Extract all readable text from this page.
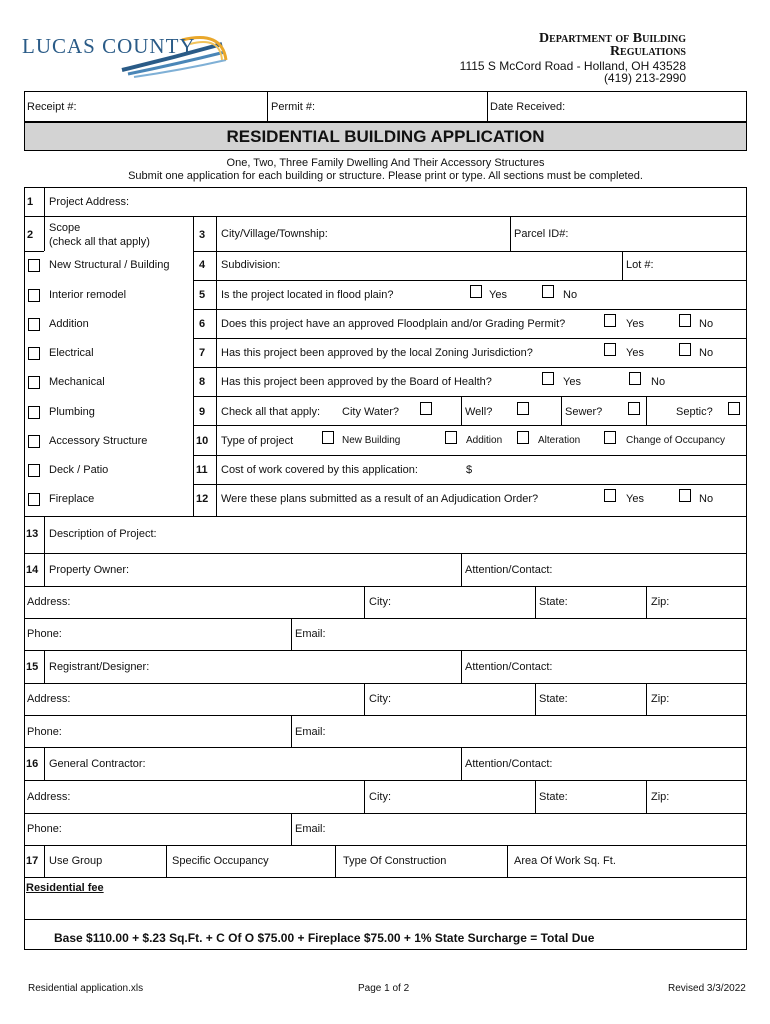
LUCAS COUNTY	Department of Building
Regulations
1115 S McCord Road - Holland, OH 43528
(419) 213-2990
Receipt #:	Permit #:	Date Received:
RESIDENTIAL BUILDING APPLICATION
One, Two, Three Family Dwelling And Their Accessory Structures
Submit one application for each building or structure. Please print or type. All sections must be completed.
1 Project Address:
2
Scope
(check all that apply)
New Structural / Building
Interior remodel
Addition
Electrical
Mechanical
Plumbing
Accessory Structure
Deck / Patio
Fireplace
3 City/Village/Township:	Parcel ID#:
4 Subdivision:	Lot #:
5 Is the project located in flood plain?	Yes	No
6 Does this project have an approved Floodplain and/or Grading Permit?	Yes	No
7 Has this project been approved by the local Zoning Jurisdiction?	Yes	No
8 Has this project been approved by the Board of Health?	Yes	No
9 Check all that apply: City Water?	Well?	Sewer?	Septic?
10 Type of project	New Building	Addition	Alteration	Change of Occupancy
11 Cost of work covered by this application:	$
12 Were these plans submitted as a result of an Adjudication Order?	Yes	No
13 Description of Project:
14 Property Owner:	Attention/Contact:
Address:	City:	State:	Zip:
Phone:	Email:
15 Registrant/Designer:	Attention/Contact:
Address:	City:	State:	Zip:
Phone:	Email:
16 General Contractor:	Attention/Contact:
Address:	City:	State:	Zip:
Phone:	Email:
17 Use Group	Specific Occupancy	Type Of Construction	Area Of Work Sq. Ft.
Residential fee
Base $110.00 + $.23 Sq.Ft. + C Of O $75.00 + Fireplace $75.00 + 1% State Surcharge = Total Due
Residential application.xls	Page 1 of 2	Revised 3/3/2022
